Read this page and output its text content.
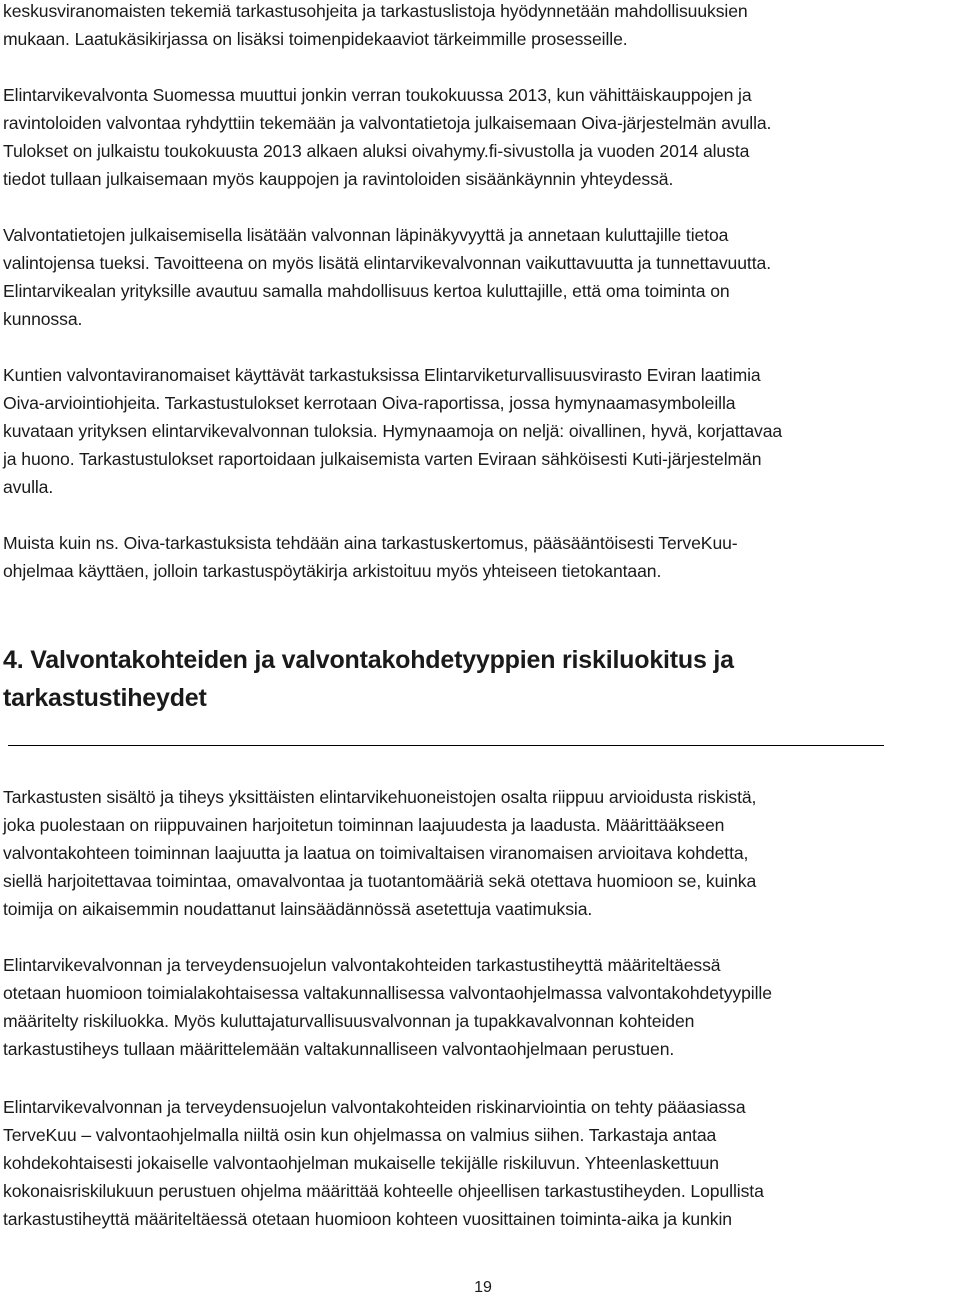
keskusviranomaisten tekemiä tarkastusohjeita ja tarkastuslistoja hyödynnetään mahdollisuuksien
mukaan. Laatukäsikirjassa on lisäksi toimenpidekaaviot tärkeimmille prosesseille.
Elintarvikevalvonta Suomessa muuttui jonkin verran toukokuussa 2013, kun vähittäiskauppojen ja
ravintoloiden valvontaa ryhdyttiin tekemään ja valvontatietoja julkaisemaan Oiva-järjestelmän avulla.
Tulokset on julkaistu toukokuusta 2013 alkaen aluksi oivahymy.fi-sivustolla ja vuoden 2014 alusta
tiedot tullaan julkaisemaan myös kauppojen ja ravintoloiden sisäänkäynnin yhteydessä.
Valvontatietojen julkaisemisella lisätään valvonnan läpinäkyvyyttä ja annetaan kuluttajille tietoa
valintojensa tueksi. Tavoitteena on myös lisätä elintarvikevalvonnan vaikuttavuutta ja tunnettavuutta.
Elintarvikealan yrityksille avautuu samalla mahdollisuus kertoa kuluttajille, että oma toiminta on
kunnossa.
Kuntien valvontaviranomaiset käyttävät tarkastuksissa Elintarviketurvallisuusvirasto Eviran laatimia
Oiva-arviointiohjeita. Tarkastustulokset kerrotaan Oiva-raportissa, jossa hymynaamasymboleilla
kuvataan yrityksen elintarvikevalvonnan tuloksia. Hymynaamoja on neljä: oivallinen, hyvä, korjattavaa
ja huono. Tarkastustulokset raportoidaan julkaisemista varten Eviraan sähköisesti Kuti-järjestelmän
avulla.
Muista kuin ns. Oiva-tarkastuksista tehdään aina tarkastuskertomus, pääsääntöisesti TerveKuu-
ohjelmaa käyttäen, jolloin tarkastuspöytäkirja arkistoituu myös yhteiseen tietokantaan.
4. Valvontakohteiden ja valvontakohdetyyppien riskiluokitus ja
tarkastustiheydet
Tarkastusten sisältö ja tiheys yksittäisten elintarvikehuoneistojen osalta riippuu arvioidusta riskistä,
joka puolestaan on riippuvainen harjoitetun toiminnan laajuudesta ja laadusta. Määrittääkseen
valvontakohteen toiminnan laajuutta ja laatua on toimivaltaisen viranomaisen arvioitava kohdetta,
siellä harjoitettavaa toimintaa, omavalvontaa ja tuotantomääriä sekä otettava huomioon se, kuinka
toimija on aikaisemmin noudattanut lainsäädännössä asetettuja vaatimuksia.
Elintarvikevalvonnan ja terveydensuojelun valvontakohteiden tarkastustiheyttä määriteltäessä
otetaan huomioon toimialakohtaisessa valtakunnallisessa valvontaohjelmassa valvontakohdetyypille
määritelty riskiluokka. Myös kuluttajaturvallisuusvalvonnan ja tupakkavalvonnan kohteiden
tarkastustiheys tullaan määrittelemään valtakunnalliseen valvontaohjelmaan perustuen.
Elintarvikevalvonnan ja terveydensuojelun valvontakohteiden riskinarviointia on tehty pääasiassa
TerveKuu – valvontaohjelmalla niiltä osin kun ohjelmassa on valmius siihen. Tarkastaja antaa
kohdekohtaisesti jokaiselle valvontaohjelman mukaiselle tekijälle riskiluvun. Yhteenlaskettuun
kokonaisriskilukuun perustuen ohjelma määrittää kohteelle ohjeellisen tarkastustiheyden. Lopullista
tarkastustiheyttä määriteltäessä otetaan huomioon kohteen vuosittainen toiminta-aika ja kunkin
19
